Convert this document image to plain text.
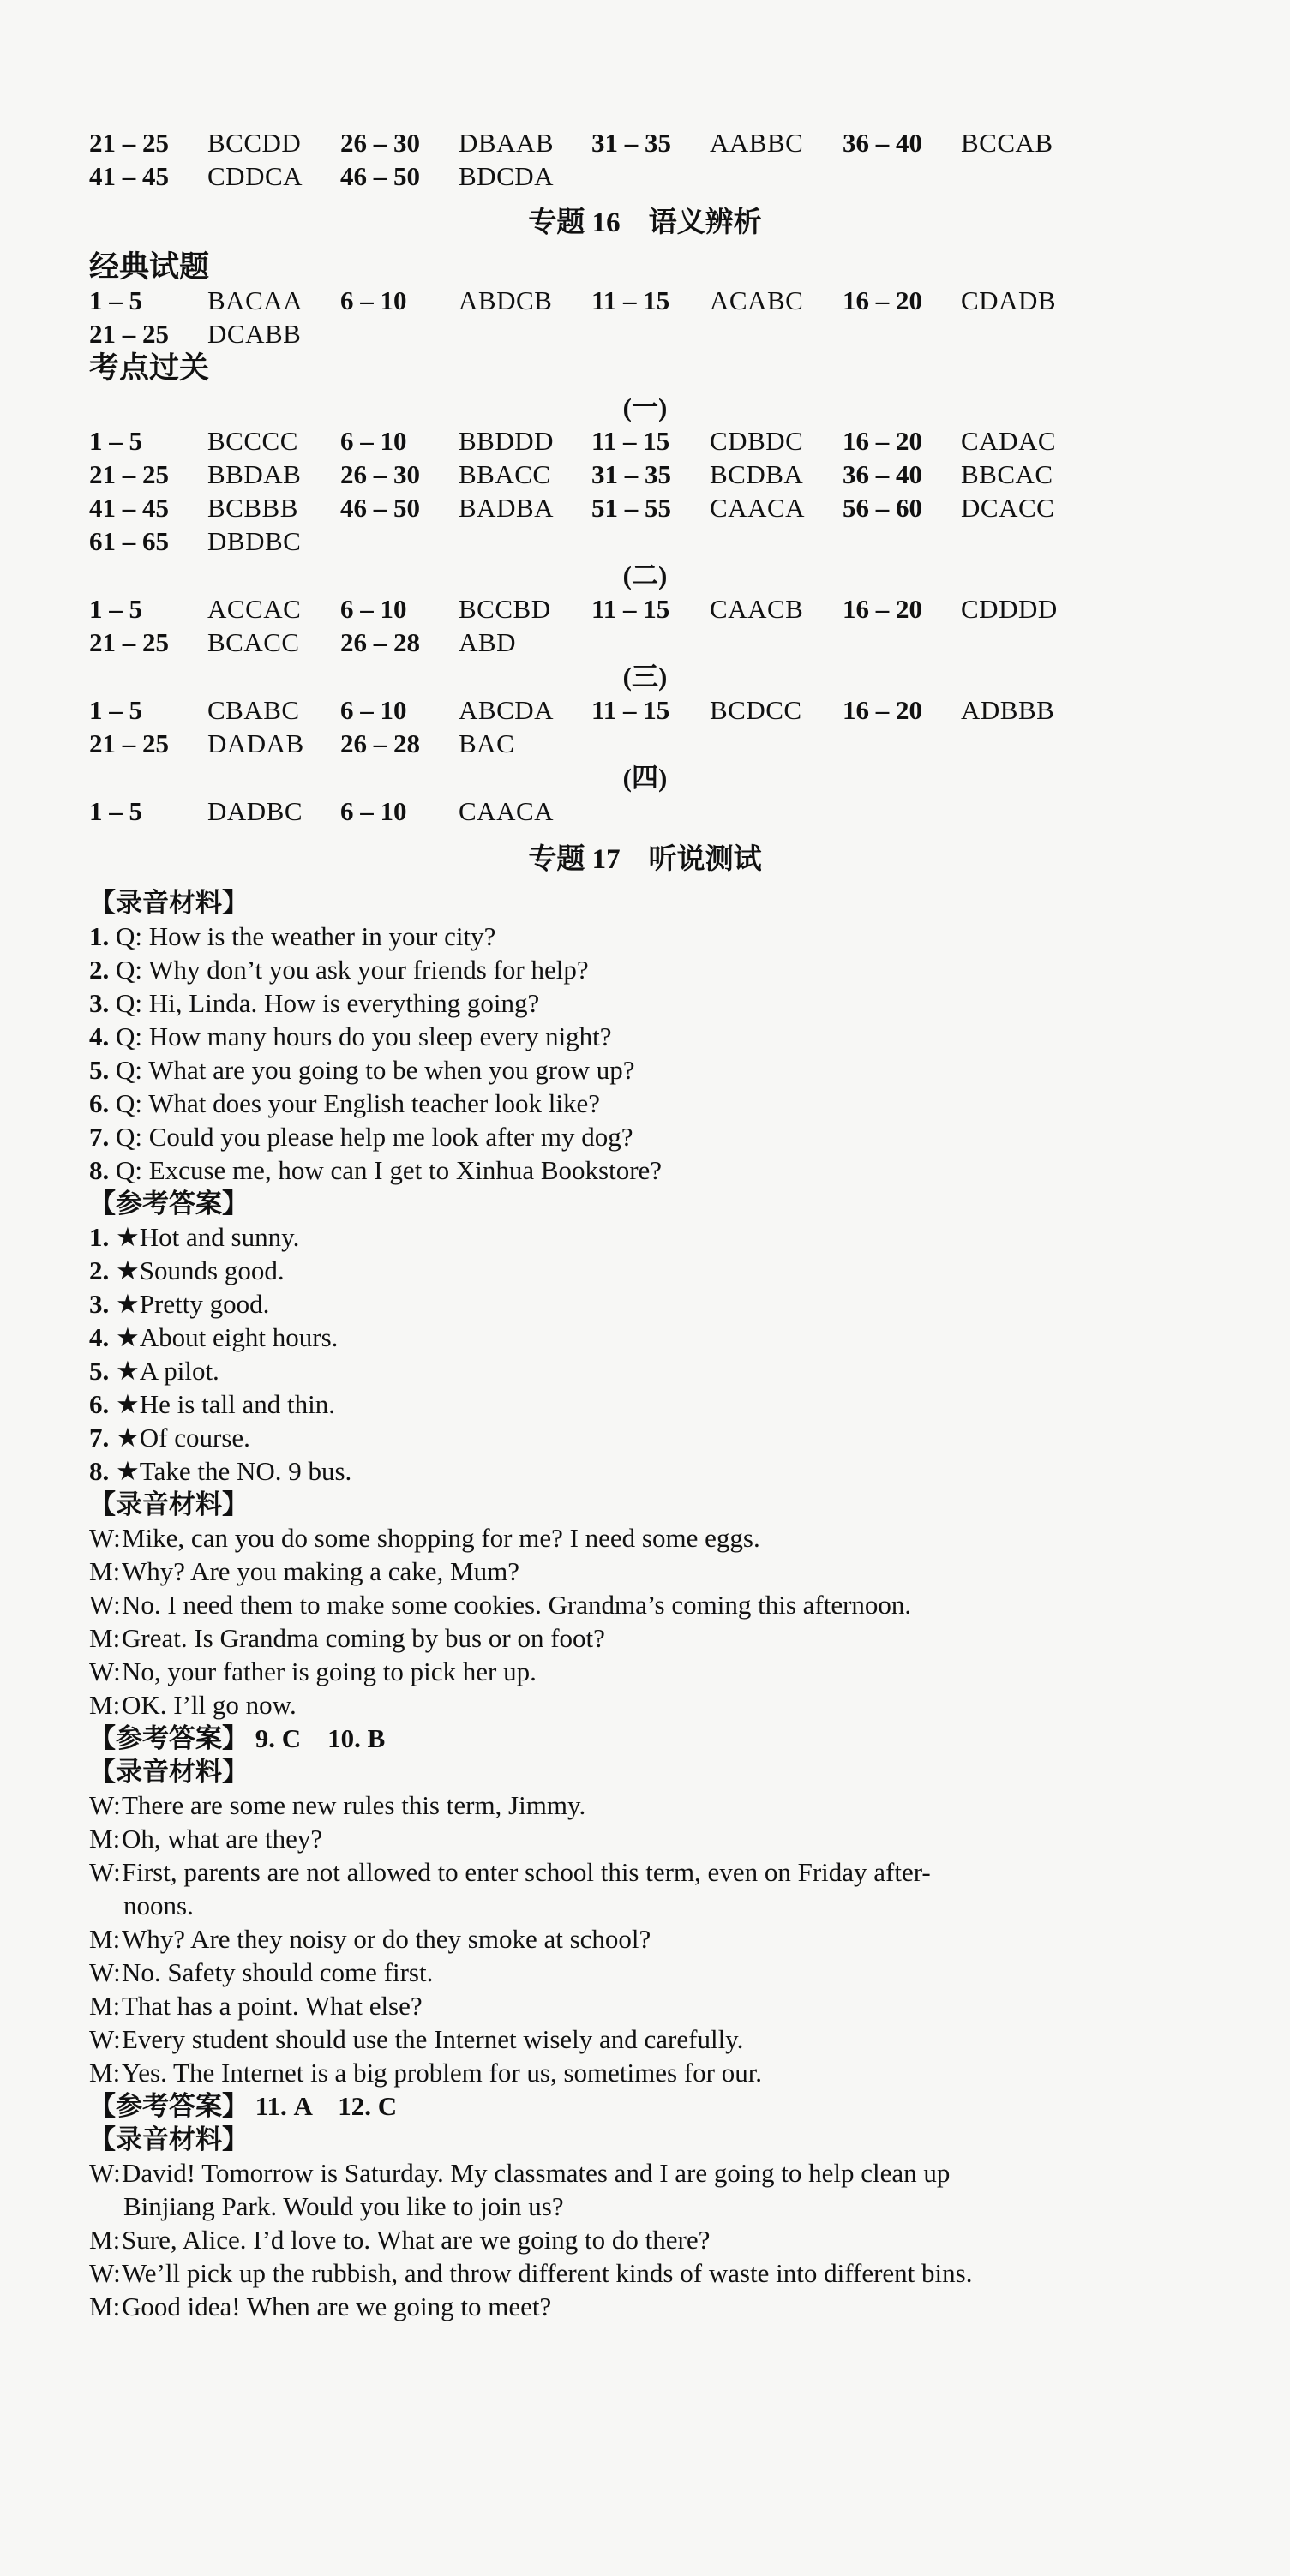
21 – 25 BCCDD 26 – 30 DBAAB 31 – 35 AABBC 36 – 40 BCCAB
41 – 45 CDDCA 46 – 50 BDCDA
专题 16　语义辨析
经典试题
1 – 5 BACAA 6 – 10 ABDCB 11 – 15 ACABC 16 – 20 CDADB
21 – 25 DCABB
考点过关
(一)
1 – 5 BCCCC 6 – 10 BBDDD 11 – 15 CDBDC 16 – 20 CADAC
21 – 25 BBDAB 26 – 30 BBACC 31 – 35 BCDBA 36 – 40 BBCAC
41 – 45 BCBBB 46 – 50 BADBA 51 – 55 CAACA 56 – 60 DCACC
61 – 65 DBDBC
(二)
1 – 5 ACCAC 6 – 10 BCCBD 11 – 15 CAACB 16 – 20 CDDDD
21 – 25 BCACC 26 – 28 ABD
(三)
1 – 5 CBABC 6 – 10 ABCDA 11 – 15 BCDCC 16 – 20 ADBBB
21 – 25 DADAB 26 – 28 BAC
(四)
1 – 5 DADBC 6 – 10 CAACA
专题 17　听说测试
【录音材料】
1. Q: How is the weather in your city?
2. Q: Why don’t you ask your friends for help?
3. Q: Hi, Linda. How is everything going?
4. Q: How many hours do you sleep every night?
5. Q: What are you going to be when you grow up?
6. Q: What does your English teacher look like?
7. Q: Could you please help me look after my dog?
8. Q: Excuse me, how can I get to Xinhua Bookstore?
【参考答案】
1. ★Hot and sunny.
2. ★Sounds good.
3. ★Pretty good.
4. ★About eight hours.
5. ★A pilot.
6. ★He is tall and thin.
7. ★Of course.
8. ★Take the NO. 9 bus.
【录音材料】
W:Mike, can you do some shopping for me? I need some eggs.
M:Why? Are you making a cake, Mum?
W:No. I need them to make some cookies. Grandma’s coming this afternoon.
M:Great. Is Grandma coming by bus or on foot?
W:No, your father is going to pick her up.
M:OK. I’ll go now.
【参考答案】 9. C　10. B
【录音材料】
W:There are some new rules this term, Jimmy.
M:Oh, what are they?
W:First, parents are not allowed to enter school this term, even on Friday after-
noons.
M:Why? Are they noisy or do they smoke at school?
W:No. Safety should come first.
M:That has a point. What else?
W:Every student should use the Internet wisely and carefully.
M:Yes. The Internet is a big problem for us, sometimes for our.
【参考答案】 11. A　12. C
【录音材料】
W:David! Tomorrow is Saturday. My classmates and I are going to help clean up
Binjiang Park. Would you like to join us?
M:Sure, Alice. I’d love to. What are we going to do there?
W:We’ll pick up the rubbish, and throw different kinds of waste into different bins.
M:Good idea! When are we going to meet?
